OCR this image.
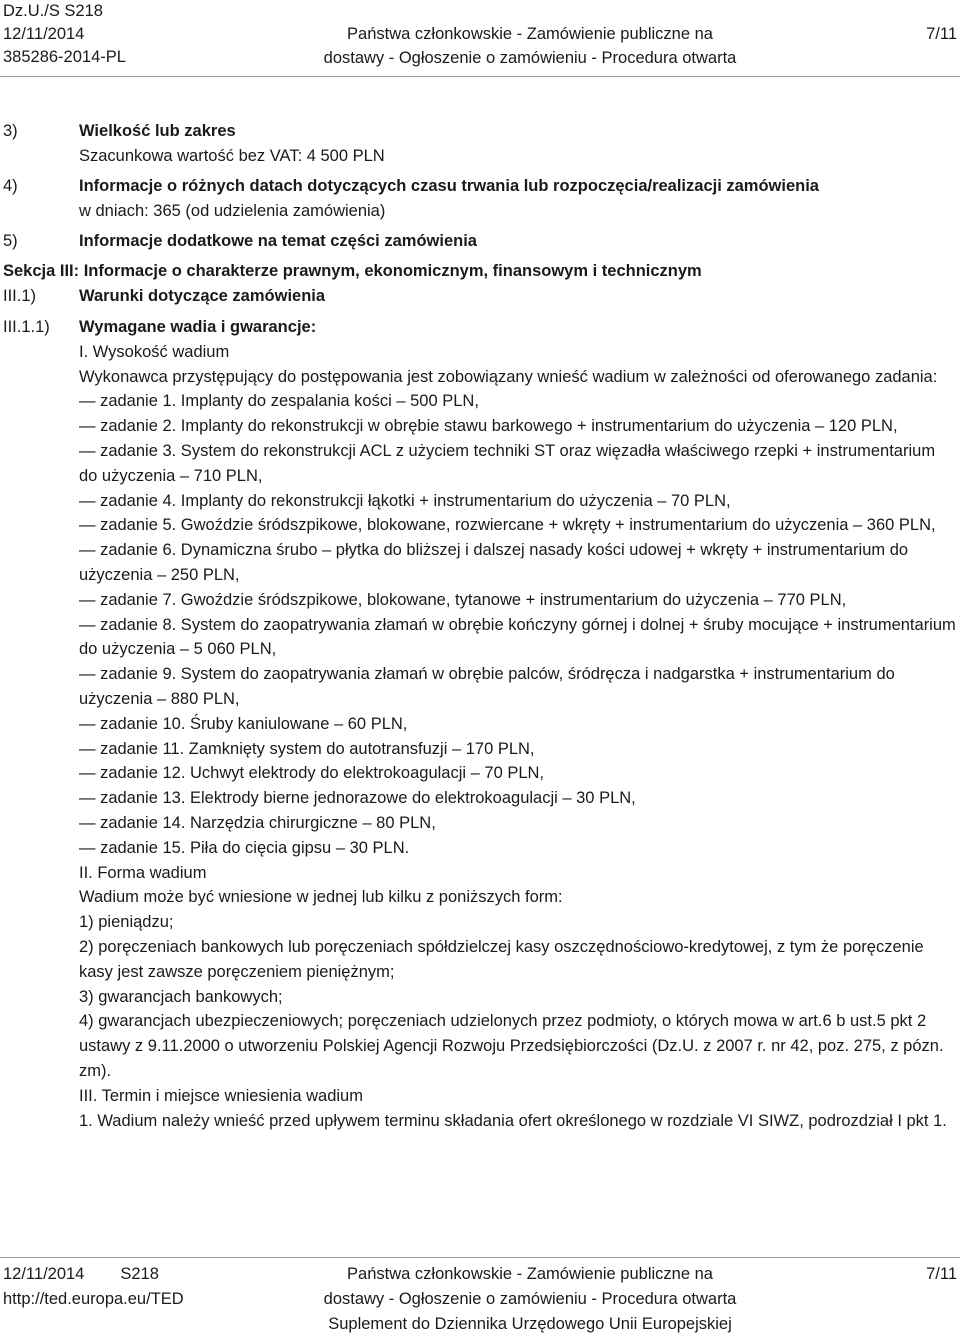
Dz.U./S S218
12/11/2014
385286-2014-PL
Państwa członkowskie - Zamówienie publiczne na
dostawy - Ogłoszenie o zamówieniu - Procedura otwarta
7/11
3)	Wielkość lub zakres
Szacunkowa wartość bez VAT: 4 500 PLN
4)	Informacje o różnych datach dotyczących czasu trwania lub rozpoczęcia/realizacji zamówienia
w dniach: 365 (od udzielenia zamówienia)
5)	Informacje dodatkowe na temat części zamówienia
Sekcja III: Informacje o charakterze prawnym, ekonomicznym, finansowym i technicznym
III.1)	Warunki dotyczące zamówienia
III.1.1) Wymagane wadia i gwarancje:

I. Wysokość wadium

Wykonawca przystępujący do postępowania jest zobowiązany wnieść wadium w zależności od oferowanego zadania:

— zadanie 1. Implanty do zespalania kości – 500 PLN,

— zadanie 2. Implanty do rekonstrukcji w obrębie stawu barkowego + instrumentarium do użyczenia – 120 PLN,

— zadanie 3. System do rekonstrukcji ACL z użyciem techniki ST oraz więzadła właściwego rzepki + instrumentarium do użyczenia – 710 PLN,

— zadanie 4. Implanty do rekonstrukcji łąkotki + instrumentarium do użyczenia – 70 PLN,

— zadanie 5. Gwoździe śródszpikowe, blokowane, rozwiercane + wkręty + instrumentarium do użyczenia – 360 PLN,

— zadanie 6. Dynamiczna śrubo – płytka do bliższej i dalszej nasady kości udowej + wkręty + instrumentarium do użyczenia – 250 PLN,

— zadanie 7. Gwoździe śródszpikowe, blokowane, tytanowe + instrumentarium do użyczenia – 770 PLN,

— zadanie 8. System do zaopatrywania złamań w obrębie kończyny górnej i dolnej + śruby mocujące + instrumentarium do użyczenia – 5 060 PLN,

— zadanie 9. System do zaopatrywania złamań w obrębie palców, śródręcza i nadgarstka + instrumentarium do użyczenia – 880 PLN,

— zadanie 10. Śruby kaniulowane – 60 PLN,

— zadanie 11. Zamknięty system do autotransfuzji – 170 PLN,

— zadanie 12. Uchwyt elektrody do elektrokoagulacji – 70 PLN,

— zadanie 13. Elektrody bierne jednorazowe do elektrokoagulacji – 30 PLN,

— zadanie 14. Narzędzia chirurgiczne – 80 PLN,

— zadanie 15. Piła do cięcia gipsu – 30 PLN.

II. Forma wadium

Wadium może być wniesione w jednej lub kilku z poniższych form:

1) pieniądzu;

2) poręczeniach bankowych lub poręczeniach spółdzielczej kasy oszczędnościowo-kredytowej, z tym że poręczenie kasy jest zawsze poręczeniem pieniężnym;

3) gwarancjach bankowych;

4) gwarancjach ubezpieczeniowych; poręczeniach udzielonych przez podmioty, o których mowa w art.6 b ust.5 pkt 2 ustawy z 9.11.2000 o utworzeniu Polskiej Agencji Rozwoju Przedsiębiorczości (Dz.U. z 2007 r. nr 42, poz. 275, z pózn. zm).

III. Termin i miejsce wniesienia wadium

1. Wadium należy wnieść przed upływem terminu składania ofert określonego w rozdziale VI SIWZ, podrozdział I pkt 1.

12/11/2014 S218
http://ted.europa.eu/TED
Państwa członkowskie - Zamówienie publiczne na
dostawy - Ogłoszenie o zamówieniu - Procedura otwarta
Suplement do Dziennika Urzędowego Unii Europejskiej
7/11
